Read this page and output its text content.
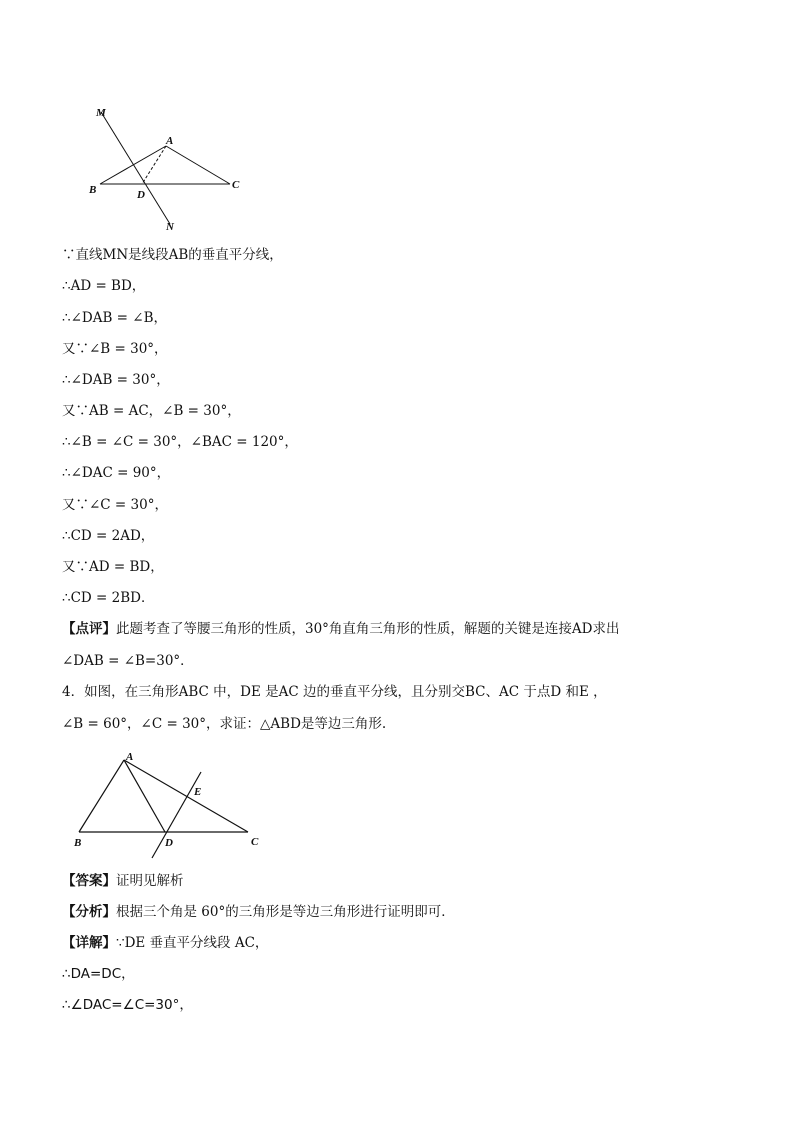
M
A
B	D
C
N
∵直线MN是线段AB的垂直平分线，
∴AD = BD，
∴∠DAB = ∠B，
又∵∠B = 30°，
∴∠DAB = 30°，
又∵AB = AC，∠B = 30°，
∴∠B = ∠C = 30°，∠BAC = 120°，
∴∠DAC = 90°，
又∵∠C = 30°，
∴CD = 2AD，
又∵AD = BD，
∴CD = 2BD．
【点评】此题考查了等腰三角形的性质，30°角直角三角形的性质，解题的关键是连接AD求出
∠DAB = ∠B=30°．
4．如图，在三角形ABC 中，DE 是AC 边的垂直平分线，且分别交BC、AC 于点D 和E ，
∠B = 60°，∠C = 30°，求证：△ABD是等边三角形.
A
E
B	D	C
【答案】证明见解析
【分析】根据三个角是 60°的三角形是等边三角形进行证明即可．
【详解】∵DE 垂直平分线段 AC，
∴DA=DC，
∴∠DAC=∠C=30°，
